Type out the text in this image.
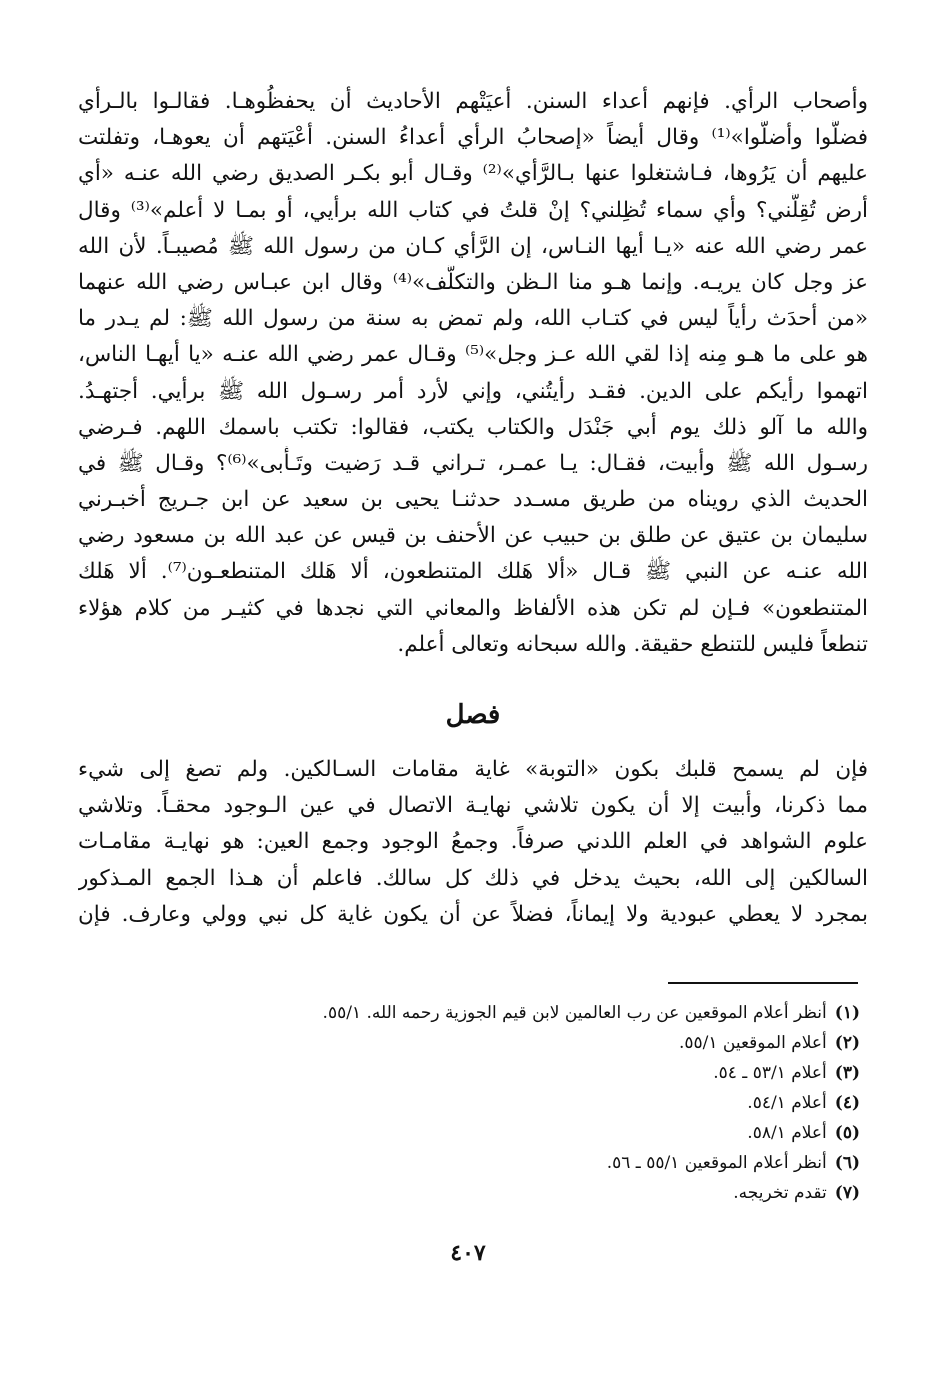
وأصحاب الرأي. فإنهم أعداء السنن. أعيَتْهم الأحاديث أن يحفظُوهـا. فقالـوا بالـرأي
فضلُّوا وأضلُّوا»⁽¹⁾ وقال أيضاً «إصحابُ الرأي أعداءُ السنن. أعْيَتهم أن يعوهـا، وتفلتت
عليهم أن يَرُوها، فـاشتغلوا عنها بـالرَّأي»⁽²⁾ وقـال أبو بكـر الصديق رضي الله عنـه «أي
أرض تُقِلُّني؟ وأي سماء تُظِلني؟ إنْ قلتُ في كتاب الله برأيي، أو بمـا لا أعلم»⁽³⁾ وقال
عمر رضي الله عنه «يـا أيها النـاس، إن الرَّأي كـان من رسول الله ﷺ مُصيبـاً. لأن الله
عز وجل كان يريـه. وإنما هـو منا الـظن والتكلُّف»⁽⁴⁾ وقال ابن عبـاس رضي الله عنهما
«من أحدَث رأياً ليس في كتـاب الله، ولم تمض به سنة من رسول الله ﷺ: لم يـدر ما
هو على ما هـو مِنه إذا لقي الله عـز وجل»⁽⁵⁾ وقـال عمر رضي الله عنـه «يا أيهـا الناس،
اتهموا رأيكم على الدين. فقـد رأيتُني، وإني لأرد أمر رسـول الله ﷺ برأيي. أجتهـدُ.
والله ما آلو ذلك يوم أبي جَنْدَل والكتاب يكتب، فقالوا: تكتب باسمك اللهم. فـرضي
رسـول الله ﷺ وأبيت، فقـال: يـا عمـر، تـراني قـد رَضيت وتَـأْبى»⁽⁶⁾؟ وقـال ﷺ في
الحديث الذي رويناه من طريق مسـدد حدثنـا يحيى بن سعيد عن ابن جـريج أخبـرني
سليمان بن عتيق عن طلق بن حبيب عن الأحنف بن قيس عن عبد الله بن مسعود رضي
الله عنـه عن النبي ﷺ قـال «ألا هَلك المتنطعون، ألا هَلك المتنطعـون⁽⁷⁾. ألا هَلك
المتنطعون» فـإن لم تكن هذه الألفاظ والمعاني التي نجدها في كثيـر من كلام هؤلاء
تنطعاً فليس للتنطع حقيقة. والله سبحانه وتعالى أعلم.
فصل
فإن لم يسمح قلبك بكون «التوبة» غاية مقامات السـالكين. ولم تصغ إلى شيء
مما ذكرنا، وأبيت إلا أن يكون تلاشي نهايـة الاتصال في عين الـوجود محقـاً. وتلاشي
علوم الشواهد في العلم اللدني صرفاً. وجمعُ الوجود وجمع العين: هو نهايـة مقامـات
السالكين إلى الله، بحيث يدخل في ذلك كل سالك. فاعلم أن هـذا الجمع المـذكور
بمجرد لا يعطي عبودية ولا إيماناً، فضلاً عن أن يكون غاية كل نبي وولي وعارف. فإن
(١)أنظر أعلام الموقعين عن رب العالمين لابن قيم الجوزية رحمه الله. ٥٥/١.
(٢)أعلام الموقعين ٥٥/١.
(٣)أعلام ٥٣/١ ـ ٥٤.
(٤)أعلام ٥٤/١.
(٥)أعلام ٥٨/١.
(٦)أنظر أعلام الموقعين ٥٥/١ ـ ٥٦.
(٧)تقدم تخريجه.
٤٠٧
